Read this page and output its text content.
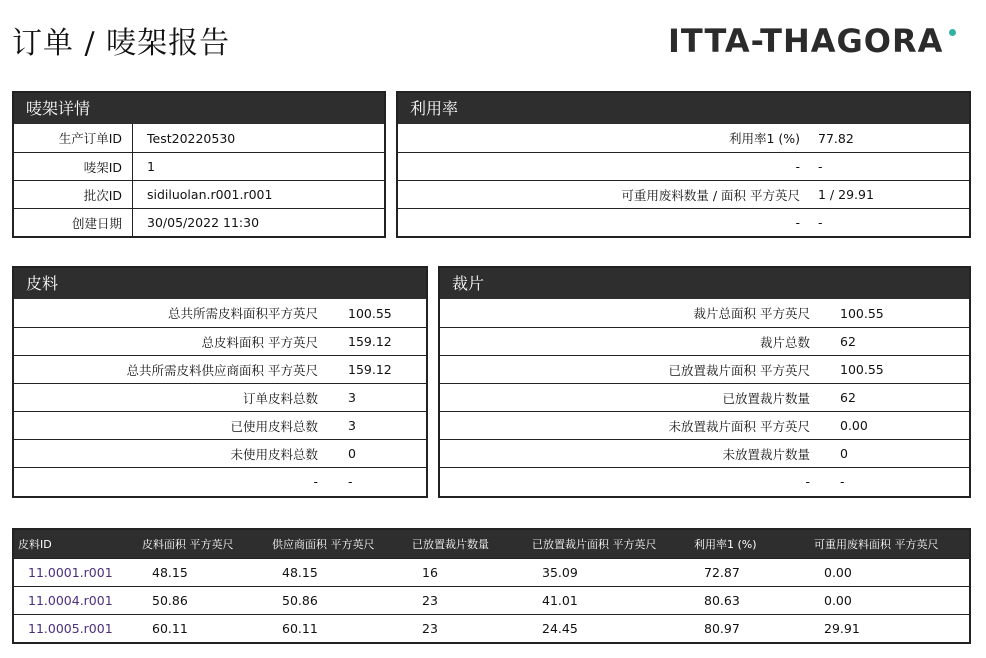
订单 / 唛架报告	ITTA-THAGORA
唛架详情
生产订单ID	Test20220530
唛架ID	1
批次ID	sidiluolan.r001.r001
创建日期	30/05/2022 11:30
利用率
利用率1 (%)	77.82
-	-
可重用废料数量 / 面积 平方英尺	1 / 29.91
-	-
皮料
总共所需皮料面积平方英尺	100.55
总皮料面积 平方英尺	159.12
总共所需皮料供应商面积 平方英尺	159.12
订单皮料总数	3
已使用皮料总数	3
未使用皮料总数	0
-	-
裁片
裁片总面积 平方英尺	100.55
裁片总数	62
已放置裁片面积 平方英尺	100.55
已放置裁片数量	62
未放置裁片面积 平方英尺	0.00
未放置裁片数量	0
-	-
皮料ID	皮料面积 平方英尺	供应商面积 平方英尺	已放置裁片数量	已放置裁片面积 平方英尺	利用率1 (%)	可重用废料面积 平方英尺
11.0001.r001	48.15	48.15	16	35.09	72.87	0.00
11.0004.r001	50.86	50.86	23	41.01	80.63	0.00
11.0005.r001	60.11	60.11	23	24.45	80.97	29.91
